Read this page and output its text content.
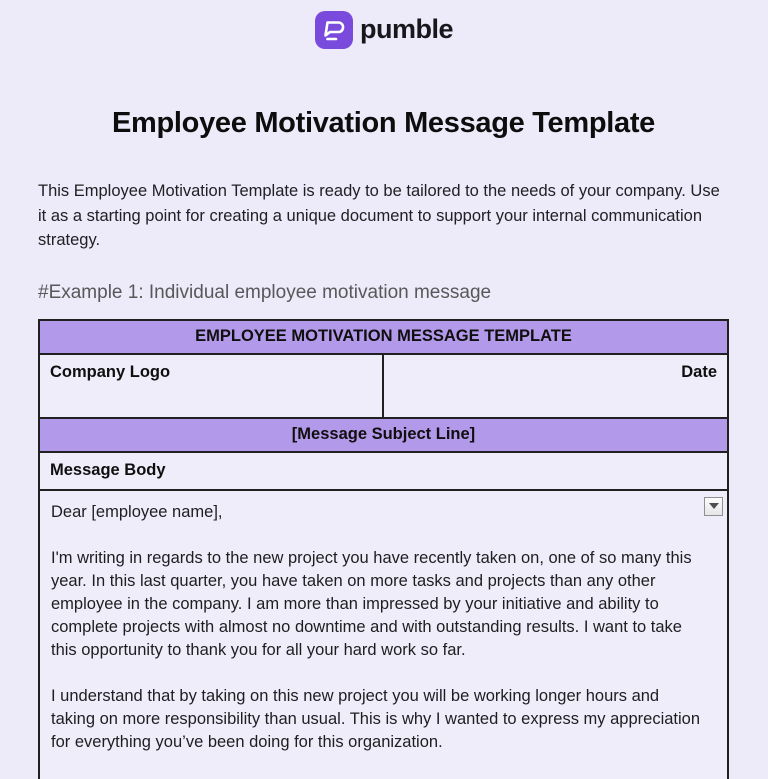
pumble
Employee Motivation Message Template

This Employee Motivation Template is ready to be tailored to the needs of your company. Use it as a starting point for creating a unique document to support your internal communication strategy.

#Example 1: Individual employee motivation message
EMPLOYEE MOTIVATION MESSAGE TEMPLATE
Company Logo	Date
[Message Subject Line]
Message Body

Dear [employee name],

I'm writing in regards to the new project you have recently taken on, one of so many this year. In this last quarter, you have taken on more tasks and projects than any other employee in the company. I am more than impressed by your initiative and ability to complete projects with almost no downtime and with outstanding results. I want to take this opportunity to thank you for all your hard work so far.

I understand that by taking on this new project you will be working longer hours and taking on more responsibility than usual. This is why I wanted to express my appreciation for everything you’ve been doing for this organization.
